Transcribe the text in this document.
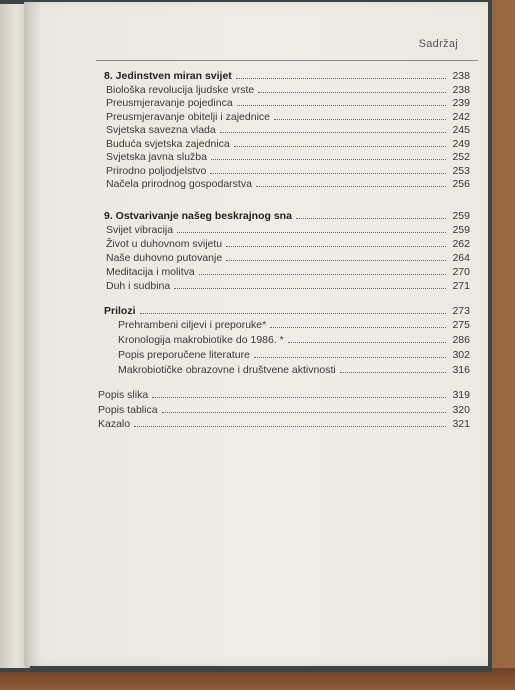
Sadržaj
8. Jedinstven miran svijet	238
Biološka revolucija ljudske vrste	238
Preusmjeravanje pojedinca	239
Preusmjeravanje obitelji i zajednice	242
Svjetska savezna vlada	245
Buduća svjetska zajednica	249
Svjetska javna služba	252
Prirodno poljodjelstvo	253
Načela prirodnog gospodarstva	256
9. Ostvarivanje našeg beskrajnog sna	259
Svijet vibracija	259
Život u duhovnom svijetu	262
Naše duhovno putovanje	264
Meditacija i molitva	270
Duh i sudbina	271
Prilozi	273
Prehrambeni ciljevi i preporuke*	275
Kronologija makrobiotike do 1986. *	286
Popis preporučene literature	302
Makrobiotičke obrazovne i društvene aktivnosti	316
Popis slika	319
Popis tablica	320
Kazalo	321
